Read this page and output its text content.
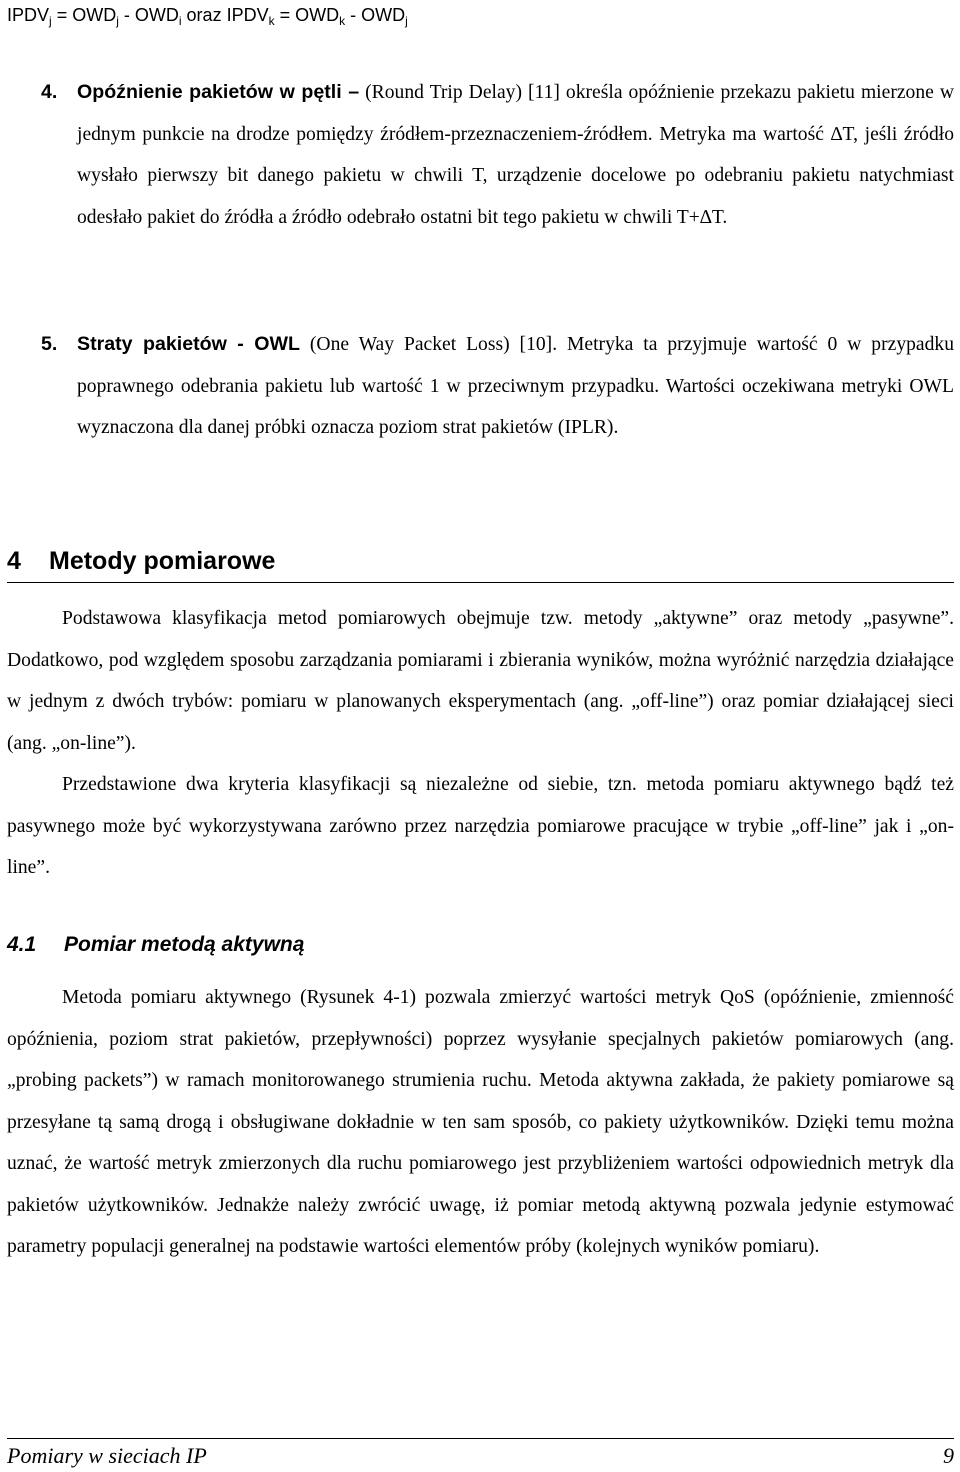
$IPDV_j = OWD_j - OWD_i$ oraz $IPDV_k = OWD_k - OWD_j$
4. Opóźnienie pakietów w pętli – (Round Trip Delay) [11] określa opóźnienie przekazu pakietu mierzone w jednym punkcie na drodze pomiędzy źródłem-przeznaczeniem-źródłem. Metryka ma wartość ∆T, jeśli źródło wysłało pierwszy bit danego pakietu w chwili T, urządzenie docelowe po odebraniu pakietu natychmiast odesłało pakiet do źródła a źródło odebrało ostatni bit tego pakietu w chwili T+∆T.

5. Straty pakietów - OWL (One Way Packet Loss) [10]. Metryka ta przyjmuje wartość 0 w przypadku poprawnego odebrania pakietu lub wartość 1 w przeciwnym przypadku. Wartości oczekiwana metryki OWL wyznaczona dla danej próbki oznacza poziom strat pakietów (IPLR).

4 Metody pomiarowe

Podstawowa klasyfikacja metod pomiarowych obejmuje tzw. metody „aktywne” oraz metody „pasywne”. Dodatkowo, pod względem sposobu zarządzania pomiarami i zbierania wyników, można wyróżnić narzędzia działające w jednym z dwóch trybów: pomiaru w planowanych eksperymentach (ang. „off-line”) oraz pomiar działającej sieci (ang. „on-line”).

Przedstawione dwa kryteria klasyfikacji są niezależne od siebie, tzn. metoda pomiaru aktywnego bądź też pasywnego może być wykorzystywana zarówno przez narzędzia pomiarowe pracujące w trybie „off-line” jak i „on-line”.

4.1 Pomiar metodą aktywną

Metoda pomiaru aktywnego (Rysunek 4-1) pozwala zmierzyć wartości metryk QoS (opóźnienie, zmienność opóźnienia, poziom strat pakietów, przepływności) poprzez wysyłanie specjalnych pakietów pomiarowych (ang. „probing packets”) w ramach monitorowanego strumienia ruchu. Metoda aktywna zakłada, że pakiety pomiarowe są przesyłane tą samą drogą i obsługiwane dokładnie w ten sam sposób, co pakiety użytkowników. Dzięki temu można uznać, że wartość metryk zmierzonych dla ruchu pomiarowego jest przybliżeniem wartości odpowiednich metryk dla pakietów użytkowników. Jednakże należy zwrócić uwagę, iż pomiar metodą aktywną pozwala jedynie estymować parametry populacji generalnej na podstawie wartości elementów próby (kolejnych wyników pomiaru).

Pomiary w sieciach IP	9
